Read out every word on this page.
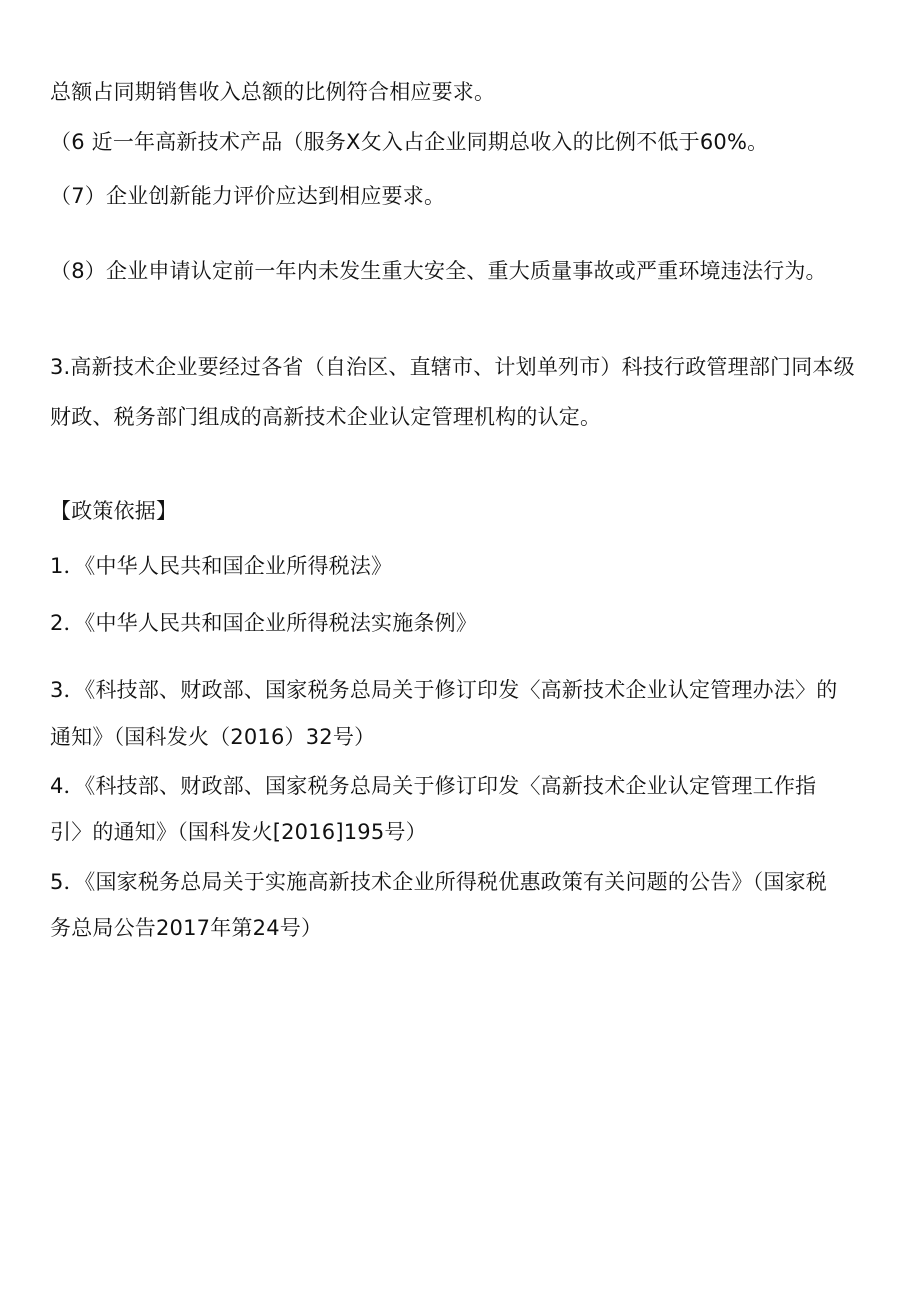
总额占同期销售收入总额的比例符合相应要求。
（6 近一年高新技术产品（服务Ⅹ攵入占企业同期总收入的比例不低于60%。
（7）企业创新能力评价应达到相应要求。
（8）企业申请认定前一年内未发生重大安全、重大质量事故或严重环境违法行为。
3.高新技术企业要经过各省（自治区、直辖市、计划单列市）科技行政管理部门同本级
财政、税务部门组成的高新技术企业认定管理机构的认定。
【政策依据】
1．《中华人民共和国企业所得税法》
2．《中华人民共和国企业所得税法实施条例》
3．《科技部、财政部、国家税务总局关于修订印发〈高新技术企业认定管理办法〉的
通知》（国科发火（2016）32号）
4．《科技部、财政部、国家税务总局关于修订印发〈高新技术企业认定管理工作指
引〉的通知》（国科发火[2016]195号）
5．《国家税务总局关于实施高新技术企业所得税优惠政策有关问题的公告》（国家税
务总局公告2017年第24号）
